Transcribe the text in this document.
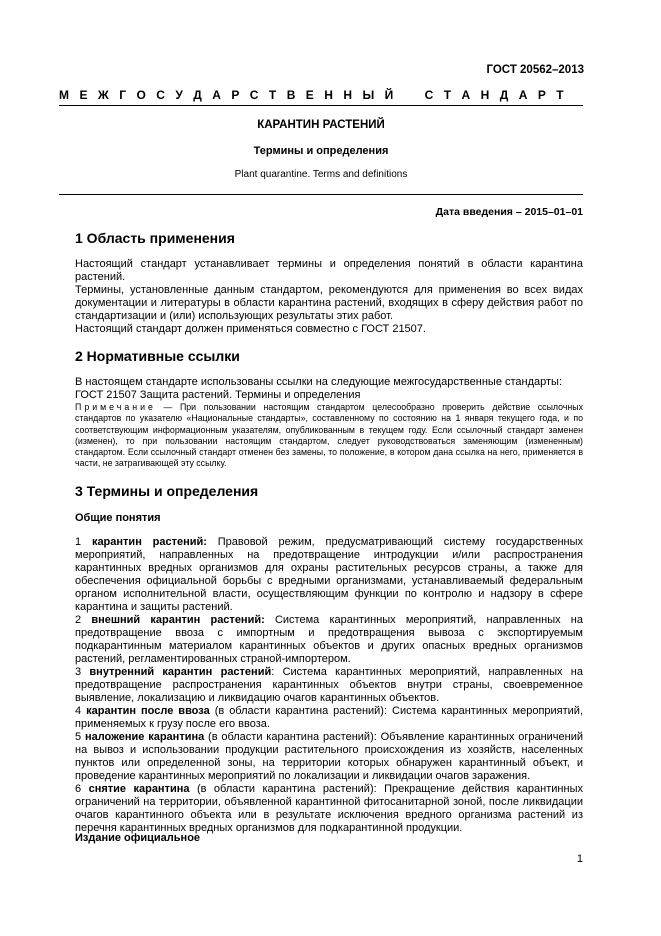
ГОСТ 20562–2013
М Е Ж Г О С У Д А Р С Т В Е Н Н Ы Й	С Т А Н Д А Р Т
КАРАНТИН РАСТЕНИЙ
Термины и определения
Plant quarantine. Terms and definitions
Дата введения – 2015–01–01
1 Область применения

Настоящий стандарт устанавливает термины и определения понятий в области карантина растений.

Термины, установленные данным стандартом, рекомендуются для применения во всех видах документации и литературы в области карантина растений, входящих в сферу действия работ по стандартизации и (или) использующих результаты этих работ.

Настоящий стандарт должен применяться совместно с ГОСТ 21507.

2 Нормативные ссылки

В настоящем стандарте использованы ссылки на следующие межгосударственные стандарты:

ГОСТ 21507 Защита растений. Термины и определения

Примечание — При пользовании настоящим стандартом целесообразно проверить действие ссылочных стандартов по указателю «Национальные стандарты», составленному по состоянию на 1 января текущего года, и по соответствующим информационным указателям, опубликованным в текущем году. Если ссылочный стандарт заменен (изменен), то при пользовании настоящим стандартом, следует руководствоваться заменяющим (измененным) стандартом. Если ссылочный стандарт отменен без замены, то положение, в котором дана ссылка на него, применяется в части, не затрагивающей эту ссылку.
3 Термины и определения
Общие понятия

1 карантин растений: Правовой режим, предусматривающий систему государственных мероприятий, направленных на предотвращение интродукции и/или распространения карантинных вредных организмов для охраны растительных ресурсов страны, а также для обеспечения официальной борьбы с вредными организмами, устанавливаемый федеральным органом исполнительной власти, осуществляющим функции по контролю и надзору в сфере карантина и защиты растений.

2 внешний карантин растений: Система карантинных мероприятий, направленных на предотвращение ввоза с импортным и предотвращения вывоза с экспортируемым подкарантинным материалом карантинных объектов и других опасных вредных организмов растений, регламентированных страной-импортером.

3 внутренний карантин растений: Система карантинных мероприятий, направленных на предотвращение распространения карантинных объектов внутри страны, своевременное выявление, локализацию и ликвидацию очагов карантинных объектов.

4 карантин после ввоза (в области карантина растений): Система карантинных мероприятий, применяемых к грузу после его ввоза.

5 наложение карантина (в области карантина растений): Объявление карантинных ограничений на вывоз и использовании продукции растительного происхождения из хозяйств, населенных пунктов или определенной зоны, на территории которых обнаружен карантинный объект, и проведение карантинных мероприятий по локализации и ликвидации очагов заражения.

6 снятие карантина (в области карантина растений): Прекращение действия карантинных ограничений на территории, объявленной карантинной фитосанитарной зоной, после ликвидации очагов карантинного объекта или в результате исключения вредного организма растений из перечня карантинных вредных организмов для подкарантинной продукции.

Издание официальное
1
